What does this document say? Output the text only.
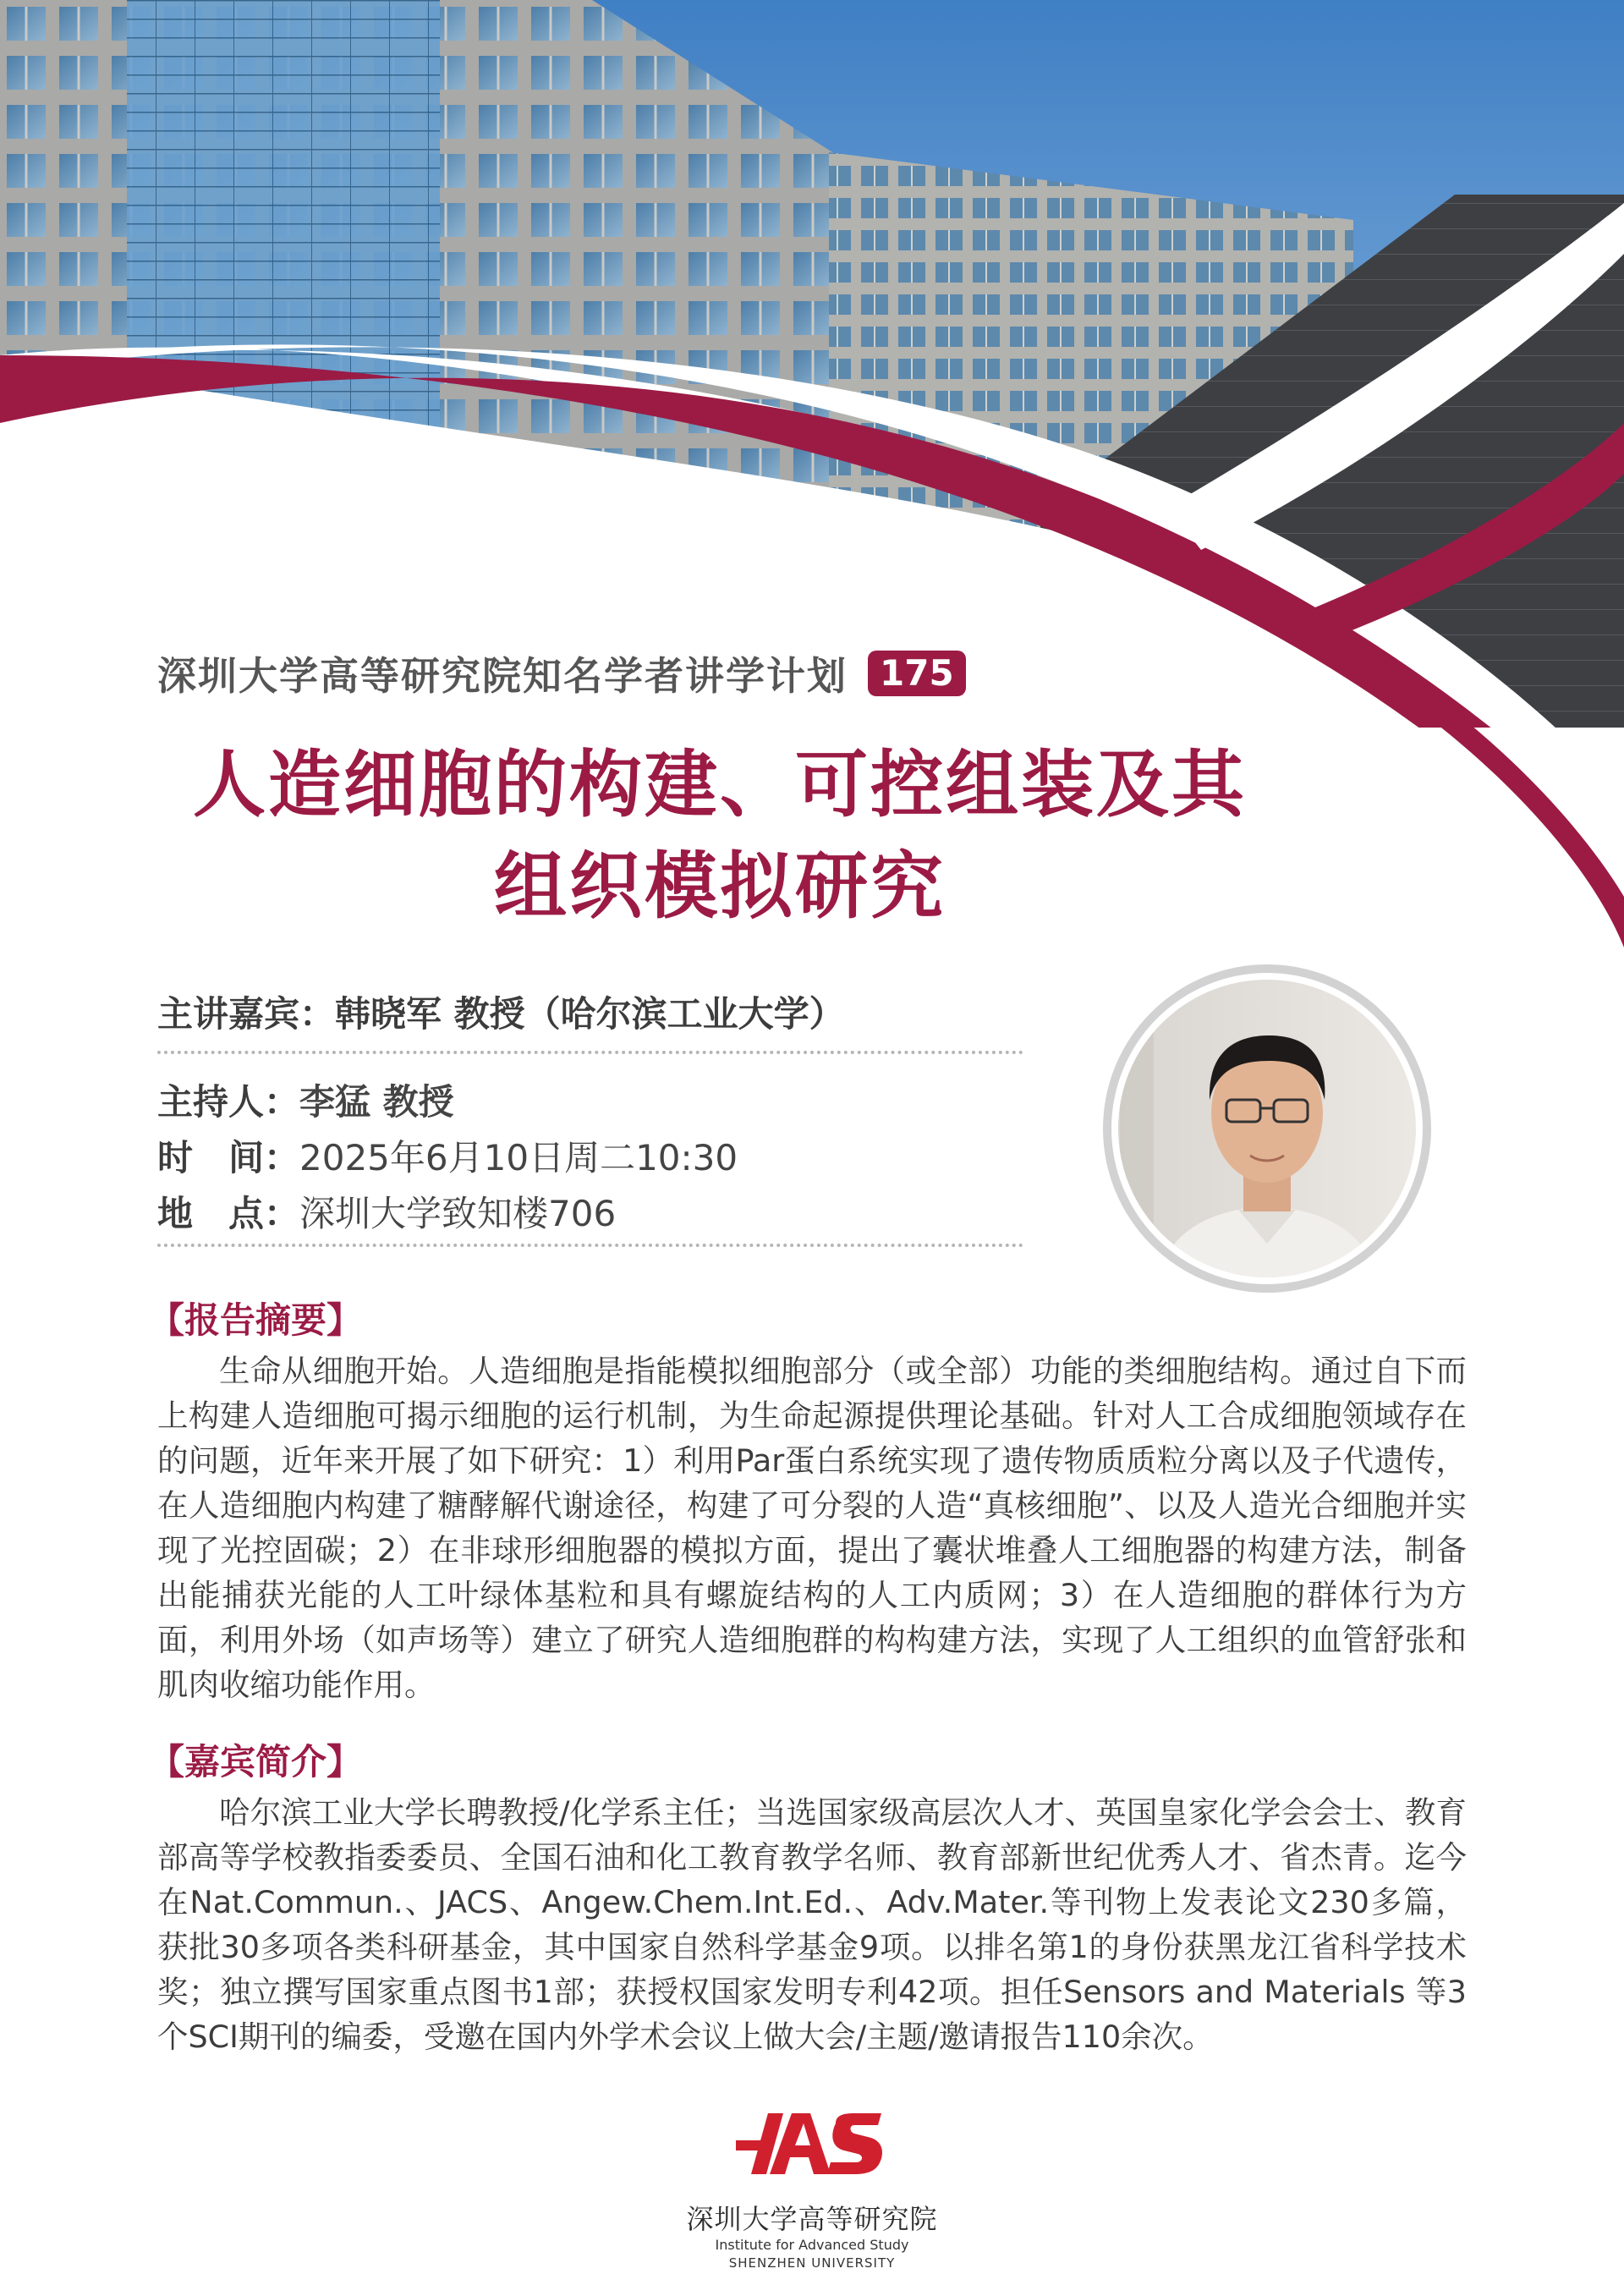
深圳大学高等研究院知名学者讲学计划 175
人造细胞的构建、可控组装及其
组织模拟研究
主讲嘉宾：韩晓军 教授（哈尔滨工业大学）
主持人：李猛 教授
时　间：2025年6月10日周二10:30
地　点：深圳大学致知楼706
【报告摘要】
生命从细胞开始。人造细胞是指能模拟细胞部分（或全部）功能的类细胞结构。通过自下而上构建人造细胞可揭示细胞的运行机制，为生命起源提供理论基础。针对人工合成细胞领域存在的问题，近年来开展了如下研究：1）利用Par蛋白系统实现了遗传物质质粒分离以及子代遗传，在人造细胞内构建了糖酵解代谢途径，构建了可分裂的人造“真核细胞”、以及人造光合细胞并实现了光控固碳；2）在非球形细胞器的模拟方面，提出了囊状堆叠人工细胞器的构建方法，制备出能捕获光能的人工叶绿体基粒和具有螺旋结构的人工内质网；3）在人造细胞的群体行为方面，利用外场（如声场等）建立了研究人造细胞群的构构建方法，实现了人工组织的血管舒张和肌肉收缩功能作用。
【嘉宾简介】
哈尔滨工业大学长聘教授/化学系主任；当选国家级高层次人才、英国皇家化学会会士、教育部高等学校教指委委员、全国石油和化工教育教学名师、教育部新世纪优秀人才、省杰青。迄今在Nat.Commun.、JACS、Angew.Chem.Int.Ed.、Adv.Mater.等刊物上发表论文230多篇，获批30多项各类科研基金，其中国家自然科学基金9项。以排名第1的身份获黑龙江省科学技术奖；独立撰写国家重点图书1部；获授权国家发明专利42项。担任Sensors and Materials 等3个SCI期刊的编委，受邀在国内外学术会议上做大会/主题/邀请报告110余次。
深圳大学高等研究院
Institute for Advanced Study
SHENZHEN UNIVERSITY
